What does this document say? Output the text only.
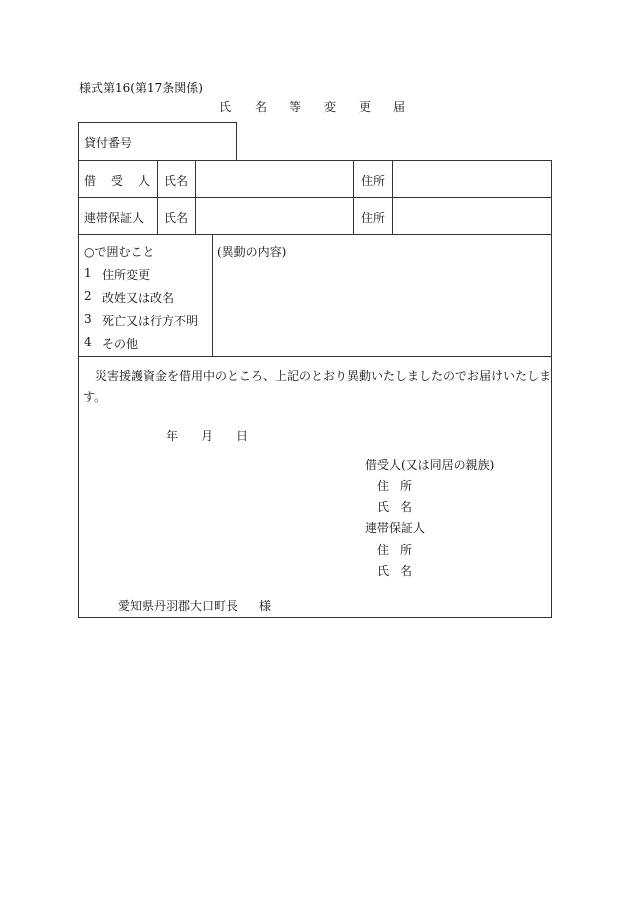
様式第16(第17条関係)
氏 名 等 変 更 届
貸付番号
借 受 人 氏名	住所
連帯保証人 氏名	住所
○で囲むこと
1 住所変更
2 改姓又は改名
3 死亡又は行方不明
4 その他
(異動の内容)
災害援護資金を借用中のところ、上記のとおり異動いたしましたのでお届けいたしま
す。
年 月 日
借受人(又は同居の親族)
住 所
氏 名
連帯保証人
住 所
氏 名
愛知県丹羽郡大口町長 様
